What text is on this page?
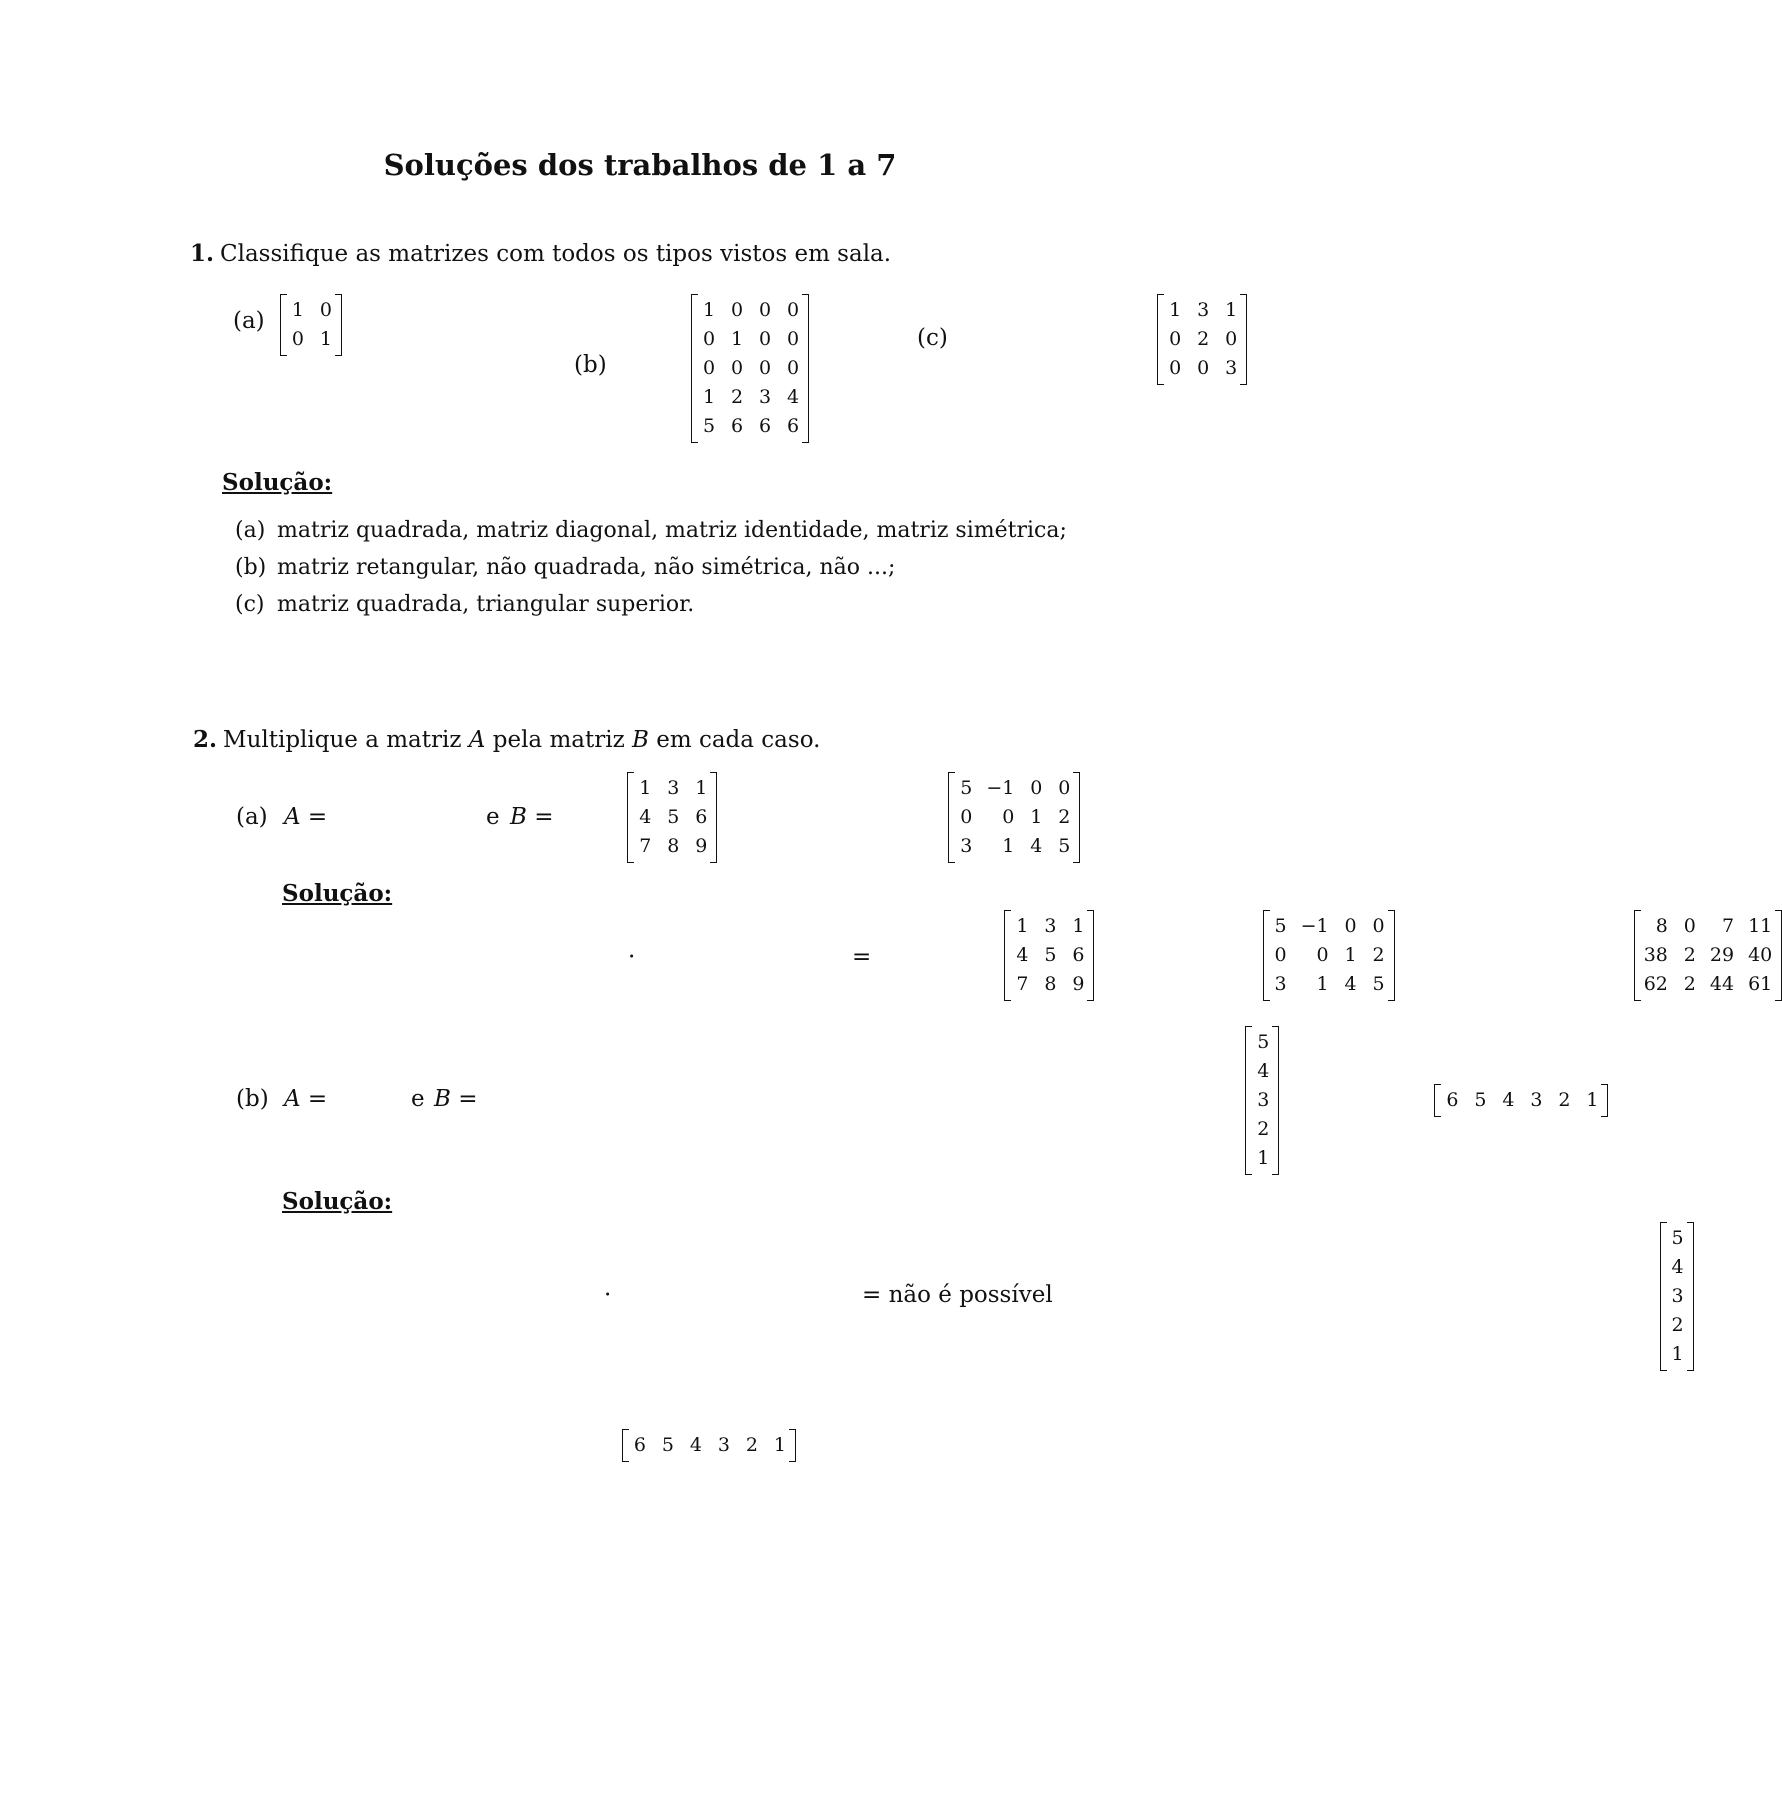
Soluções dos trabalhos de 1 a 7
1. Classifique as matrizes com todos os tipos vistos em sala.
(a) 1 0
0 1

(b)
1 0 0 0
0 1 0 0
0 0 0 0
1 2 3 4
5 6 6 6

(c)
1 3 1
0 2 0
0 0 3

Solução:
(a) matriz quadrada, matriz diagonal, matriz identidade, matriz simétrica;
(b) matriz retangular, não quadrada, não simétrica, não ...;
(c) matriz quadrada, triangular superior.
2. Multiplique a matriz A pela matriz B em cada caso.
(a) A =
1 3 1
4 5 6
7 8 9

e B =
5 −1 0 0
0	0 1 2
3	1 4 5

Solução:
1 3 1
4 5 6
7 8 9

·
5 −1 0 0
0	0 1 2
3	1 4 5

=
8 0	7 11
38 2 29 40
62 2 44 61

(b) A =
5
4
3
2
1

e B =	6 5 4 3 2 1

Solução:
5
4
3
2
1

·
6 5 4 3 2 1
= não é possível
